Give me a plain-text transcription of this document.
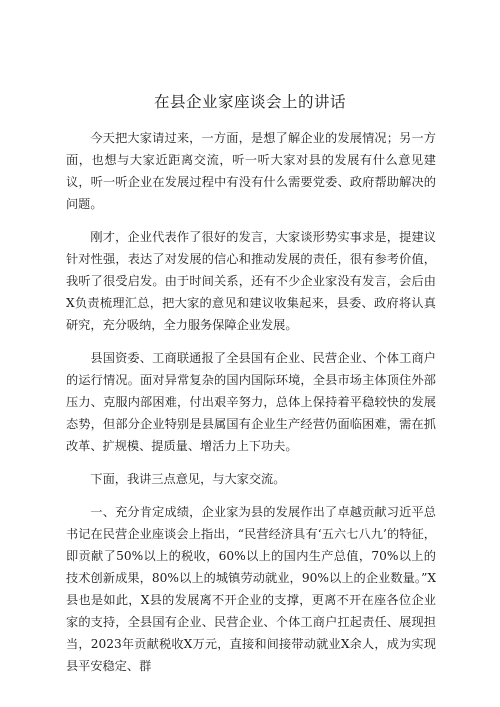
在县企业家座谈会上的讲话

今天把大家请过来，一方面，是想了解企业的发展情况；另一方面，也想与大家近距离交流，听一听大家对县的发展有什么意见建议，听一听企业在发展过程中有没有什么需要党委、政府帮助解决的问题。

刚才，企业代表作了很好的发言，大家谈形势实事求是，提建议针对性强，表达了对发展的信心和推动发展的责任，很有参考价值，我听了很受启发。由于时间关系，还有不少企业家没有发言，会后由X负责梳理汇总，把大家的意见和建议收集起来，县委、政府将认真研究，充分吸纳，全力服务保障企业发展。

县国资委、工商联通报了全县国有企业、民营企业、个体工商户的运行情况。面对异常复杂的国内国际环境，全县市场主体顶住外部压力、克服内部困难，付出艰辛努力，总体上保持着平稳较快的发展态势，但部分企业特别是县属国有企业生产经营仍面临困难，需在抓改革、扩规模、提质量、增活力上下功夫。

下面，我讲三点意见，与大家交流。

一、充分肯定成绩，企业家为县的发展作出了卓越贡献习近平总书记在民营企业座谈会上指出，“民营经济具有‘五六七八九’的特征，即贡献了50%以上的税收，60%以上的国内生产总值，70%以上的技术创新成果，80%以上的城镇劳动就业，90%以上的企业数量。”X县也是如此，X县的发展离不开企业的支撑，更离不开在座各位企业家的支持，全县国有企业、民营企业、个体工商户扛起责任、展现担当，2023年贡献税收X万元，直接和间接带动就业X余人，成为实现县平安稳定、群
